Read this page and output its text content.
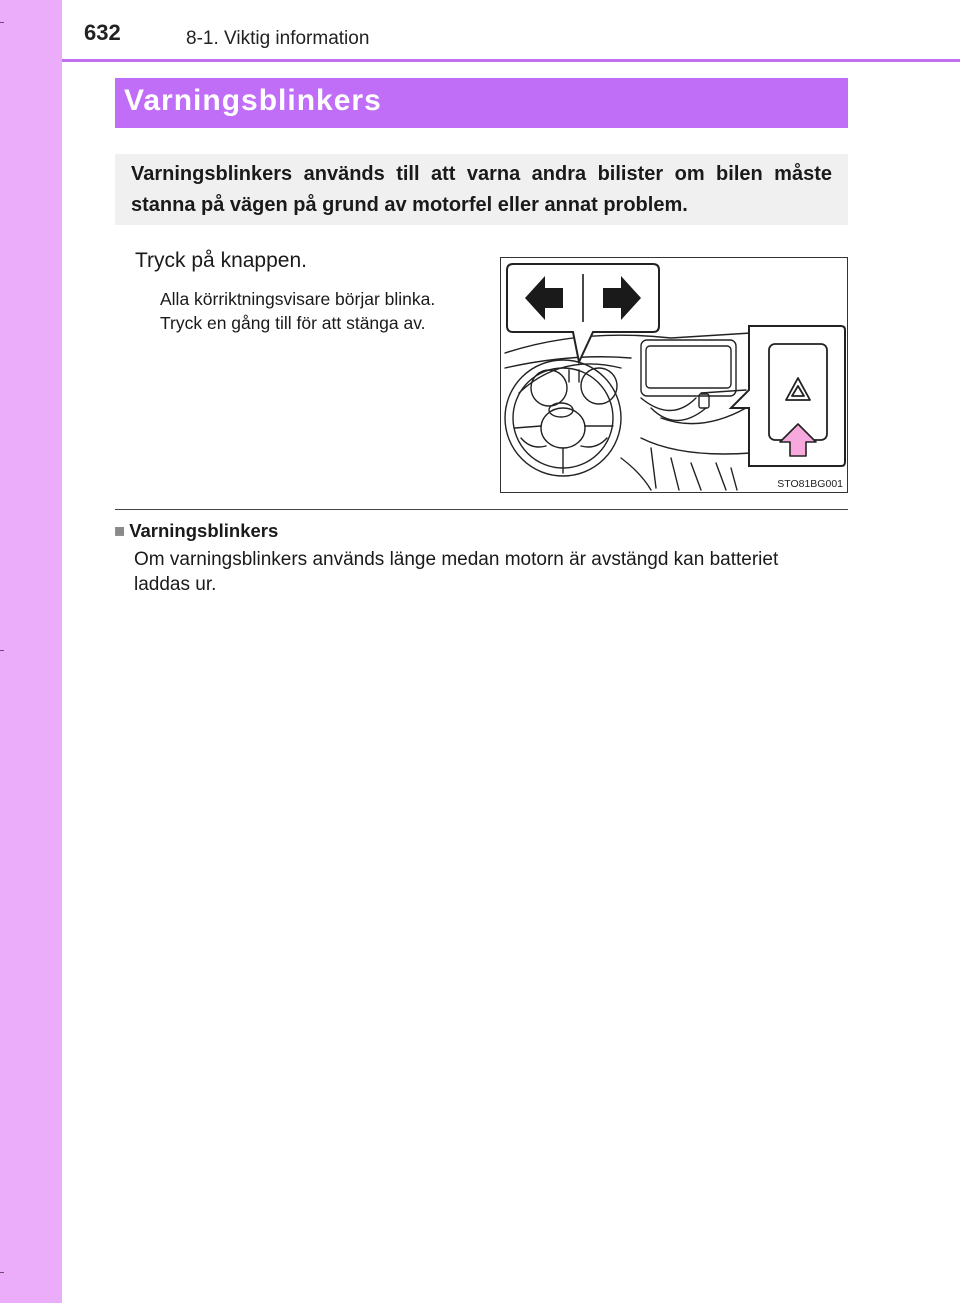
632	8-1. Viktig information
Varningsblinkers

Varningsblinkers används till att varna andra bilister om bilen måste stanna på vägen på grund av motorfel eller annat problem.

Tryck på knappen.
Alla körriktningsvisare börjar blinka.
Tryck en gång till för att stänga av.
STO81BG001
■ Varningsblinkers
Om varningsblinkers används länge medan motorn är avstängd kan batteriet
laddas ur.
